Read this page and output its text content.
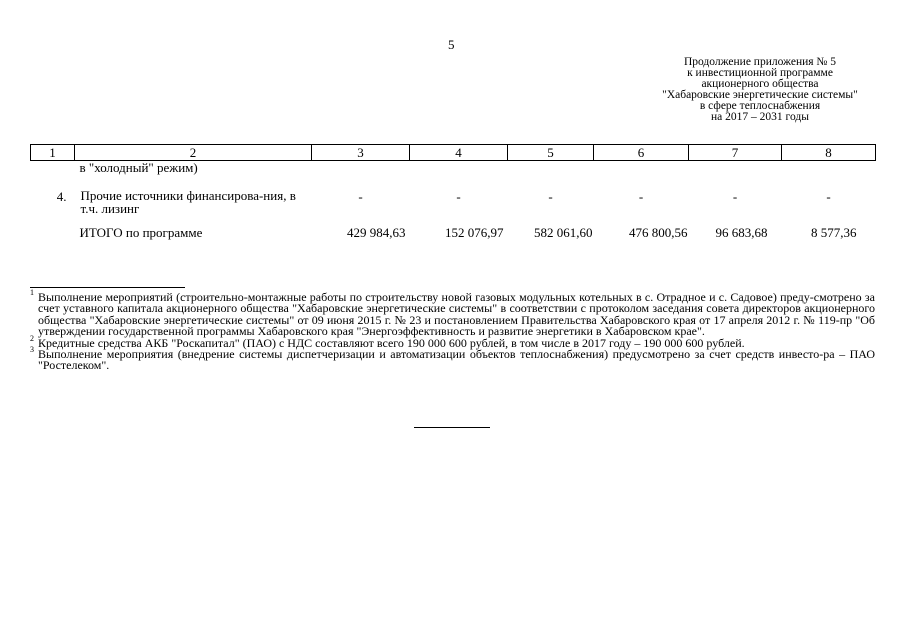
5
Продолжение приложения № 5
к инвестиционной программе
акционерного общества
"Хабаровские энергетические системы"
в сфере теплоснабжения
на 2017 – 2031 годы
1	2	3	4	5	6	7	8
в "холодный" режим)							
4.	Прочие источники финансирова-ния, в т.ч. лизинг	-	-	-	-	-	-
ИТОГО по программе		429 984,63	152 076,97	582 061,60	476 800,56	96 683,68	8 577,36
1 Выполнение мероприятий (строительно-монтажные работы по строительству новой газовых модульных котельных в с. Отрадное и с. Садовое) преду-смотрено за счет уставного капитала акционерного общества "Хабаровские энергетические системы" в соответствии с протоколом заседания совета директоров акционерного общества "Хабаровские энергетические системы" от 09 июня 2015 г. № 23 и постановлением Правительства Хабаровского края от 17 апреля 2012 г. № 119-пр "Об утверждении государственной программы Хабаровского края "Энергоэффективность и развитие энергетики в Хабаровском крае".
2 Кредитные средства АКБ "Роскапитал" (ПАО) с НДС составляют всего 190 000 600 рублей, в том числе в 2017 году – 190 000 600 рублей.
3 Выполнение мероприятия (внедрение системы диспетчеризации и автоматизации объектов теплоснабжения) предусмотрено за счет средств инвесто-ра – ПАО "Ростелеком".
